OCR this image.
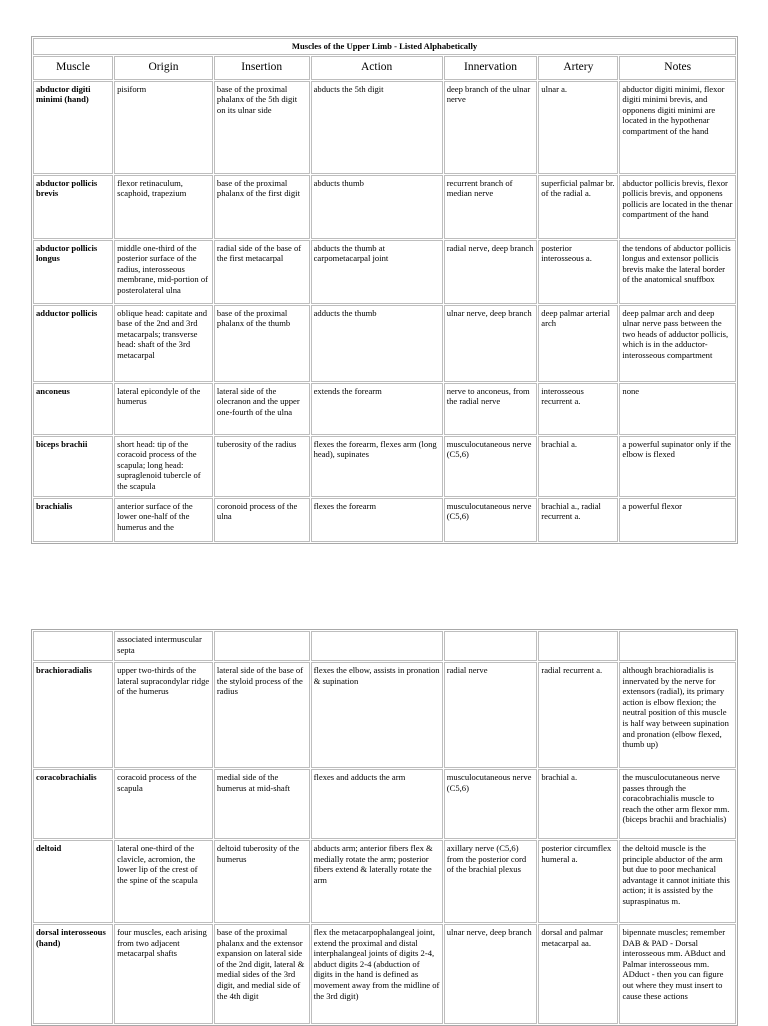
Muscles of the Upper Limb - Listed Alphabetically						
Muscle	Origin	Insertion	Action	Innervation	Artery	Notes
abductor digiti minimi (hand)	pisiform	base of the proximal phalanx of the 5th digit on its ulnar side	abducts the 5th digit	deep branch of the ulnar nerve	ulnar a.	abductor digiti minimi, flexor digiti minimi brevis, and opponens digiti minimi are located in the hypothenar compartment of the hand
abductor pollicis brevis	flexor retinaculum, scaphoid, trapezium	base of the proximal phalanx of the first digit	abducts thumb	recurrent branch of median nerve	superficial palmar br. of the radial a.	abductor pollicis brevis, flexor pollicis brevis, and opponens pollicis are located in the thenar compartment of the hand
abductor pollicis longus	middle one-third of the posterior surface of the radius, interosseous membrane, mid-portion of posterolateral ulna	radial side of the base of the first metacarpal	abducts the thumb at carpometacarpal joint	radial nerve, deep branch	posterior interosseous a.	the tendons of abductor pollicis longus and extensor pollicis brevis make the lateral border of the anatomical snuffbox
adductor pollicis	oblique head: capitate and base of the 2nd and 3rd metacarpals; transverse head: shaft of the 3rd metacarpal	base of the proximal phalanx of the thumb	adducts the thumb	ulnar nerve, deep branch	deep palmar arterial arch	deep palmar arch and deep ulnar nerve pass between the two heads of adductor pollicis, which is in the adductor-interosseous compartment
anconeus	lateral epicondyle of the humerus	lateral side of the olecranon and the upper one-fourth of the ulna	extends the forearm	nerve to anconeus, from the radial nerve	interosseous recurrent a.	none
biceps brachii	short head: tip of the coracoid process of the scapula; long head: supraglenoid tubercle of the scapula	tuberosity of the radius	flexes the forearm, flexes arm (long head), supinates	musculocutaneous nerve (C5,6)	brachial a.	a powerful supinator only if the elbow is flexed
brachialis	anterior surface of the lower one-half of the humerus and the	coronoid process of the ulna	flexes the forearm	musculocutaneous nerve (C5,6)	brachial a., radial recurrent a.	a powerful flexor
	associated intermuscular septa					
brachioradialis	upper two-thirds of the lateral supracondylar ridge of the humerus	lateral side of the base of the styloid process of the radius	flexes the elbow, assists in pronation & supination	radial nerve	radial recurrent a.	although brachioradialis is innervated by the nerve for extensors (radial), its primary action is elbow flexion; the neutral position of this muscle is half way between supination and pronation (elbow flexed, thumb up)
coracobrachialis	coracoid process of the scapula	medial side of the humerus at mid-shaft	flexes and adducts the arm	musculocutaneous nerve (C5,6)	brachial a.	the musculocutaneous nerve passes through the coracobrachialis muscle to reach the other arm flexor mm.(biceps brachii and brachialis)
deltoid	lateral one-third of the clavicle, acromion, the lower lip of the crest of the spine of the scapula	deltoid tuberosity of the humerus	abducts arm; anterior fibers flex & medially rotate the arm; posterior fibers extend & laterally rotate the arm	axillary nerve (C5,6) from the posterior cord of the brachial plexus	posterior circumflex humeral a.	the deltoid muscle is the principle abductor of the arm but due to poor mechanical advantage it cannot initiate this action; it is assisted by the supraspinatus m.
dorsal interosseous (hand)	four muscles, each arising from two adjacent metacarpal shafts	base of the proximal phalanx and the extensor expansion on lateral side of the 2nd digit, lateral & medial sides of the 3rd digit, and medial side of the 4th digit	flex the metacarpophalangeal joint, extend the proximal and distal interphalangeal joints of digits 2-4, abduct digits 2-4 (abduction of digits in the hand is defined as movement away from the midline of the 3rd digit)	ulnar nerve, deep branch	dorsal and palmar metacarpal aa.	bipennate muscles; remember DAB & PAD - Dorsal interosseous mm. ABduct and Palmar interosseous mm. ADduct - then you can figure out where they must insert to cause these actions
